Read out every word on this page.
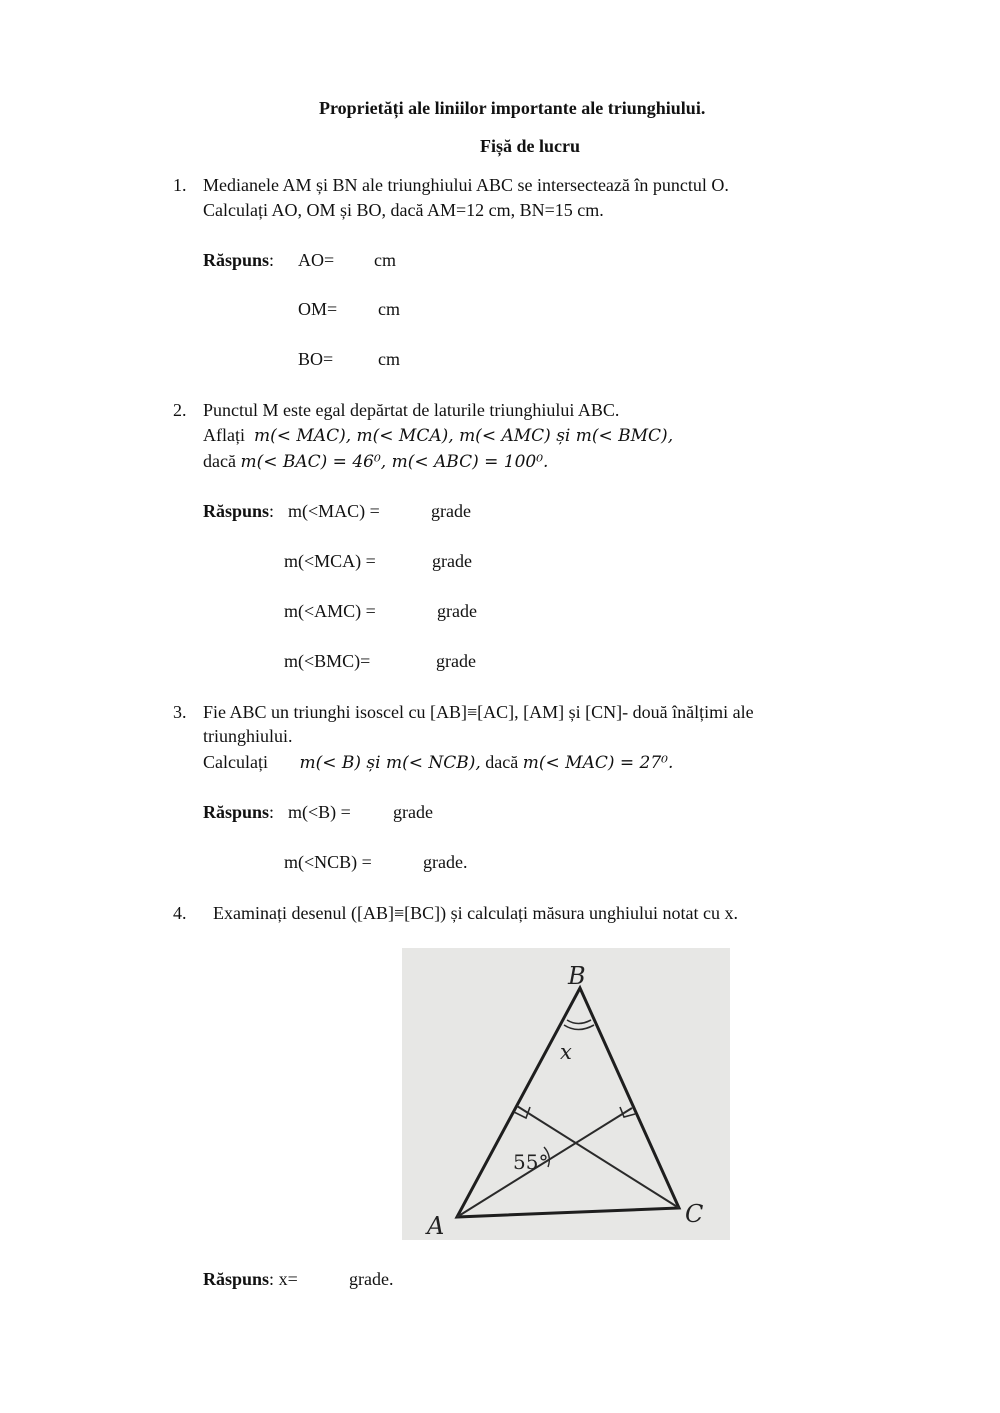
Proprietăți ale liniilor importante ale triunghiului.
Fișă de lucru
1. Medianele AM și BN ale triunghiului ABC se intersectează în punctul O.
Calculați AO, OM și BO, dacă AM=12 cm, BN=15 cm.
Răspuns: AO= cm
OM= cm
BO= cm
2. Punctul M este egal depărtat de laturile triunghiului ABC.
Aflați m(< MAC), m(< MCA), m(< AMC) și m(< BMC),
dacă m(< BAC) = 46⁰, m(< ABC) = 100⁰.
Răspuns: m(<MAC) =	grade
m(<MCA) =	grade
m(<AMC) =	grade
m(<BMC)=	grade
3. Fie ABC un triunghi isoscel cu [AB]≡[AC], [AM] și [CN]- două înălțimi ale
triunghiului.
Calculați m(< B) și m(< NCB), dacă m(< MAC) = 27⁰.
Răspuns: m(<B) = grade
m(<NCB) =	grade.
4. Examinați desenul ([AB]≡[BC]) și calculați măsura unghiului notat cu x.
B
A	C
x
55°
Răspuns: x=	grade.
